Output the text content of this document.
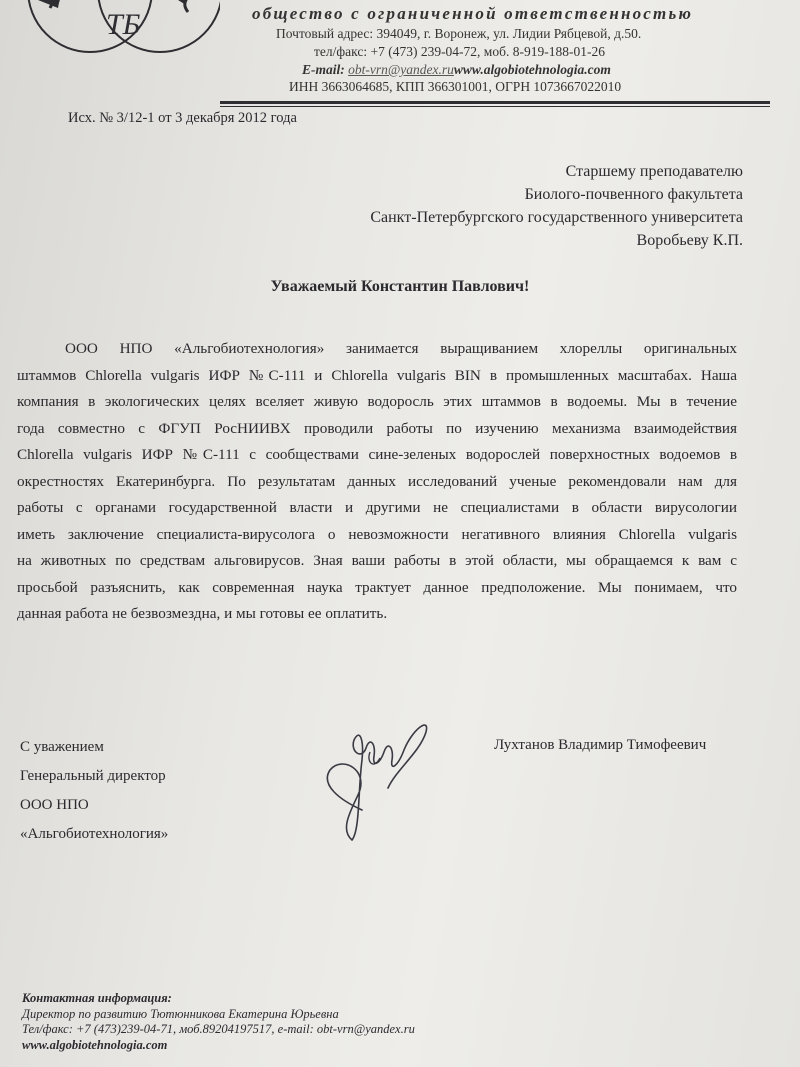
ТБ	общество с ограниченной ответственностью
Почтовый адрес: 394049, г. Воронеж, ул. Лидии Рябцевой, д.50.
тел/факс: +7 (473) 239-04-72, моб. 8-919-188-01-26
E-mail: obt-vrn@yandex.ruwww.algobiotehnologia.com
ИНН 3663064685, КПП 366301001, ОГРН 1073667022010
Исх. № 3/12-1 от 3 декабря 2012 года
Старшему преподавателю
Биолого-почвенного факультета
Санкт-Петербургского государственного университета
Воробьеву К.П.
Уважаемый Константин Павлович!
ООО НПО «Альгобиотехнология» занимается выращиванием хлореллы оригинальных
штаммов Chlorella vulgaris ИФР №С-111 и Chlorella vulgaris BIN в промышленных масштабах. Наша
компания в экологических целях вселяет живую водоросль этих штаммов в водоемы. Мы в течение
года совместно с ФГУП РосНИИВХ проводили работы по изучению механизма взаимодействия
Chlorella vulgaris ИФР №С-111 с сообществами сине-зеленых водорослей поверхностных водоемов в
окрестностях Екатеринбурга. По результатам данных исследований ученые рекомендовали нам для
работы с органами государственной власти и другими не специалистами в области вирусологии
иметь заключение специалиста-вирусолога о невозможности негативного влияния Chlorella vulgaris
на животных по средствам альговирусов. Зная ваши работы в этой области, мы обращаемся к вам с
просьбой разъяснить, как современная наука трактует данное предположение. Мы понимаем, что
данная работа не безвозмездна, и мы готовы ее оплатить.
С уважением
Генеральный директор
ООО НПО
«Альгобиотехнология»
Лухтанов Владимир Тимофеевич
Контактная информация:
Директор по развитию Тютюнникова Екатерина Юрьевна
Тел/факс: +7 (473)239-04-71, моб.89204197517, e-mail: obt-vrn@yandex.ru
www.algobiotehnologia.com
